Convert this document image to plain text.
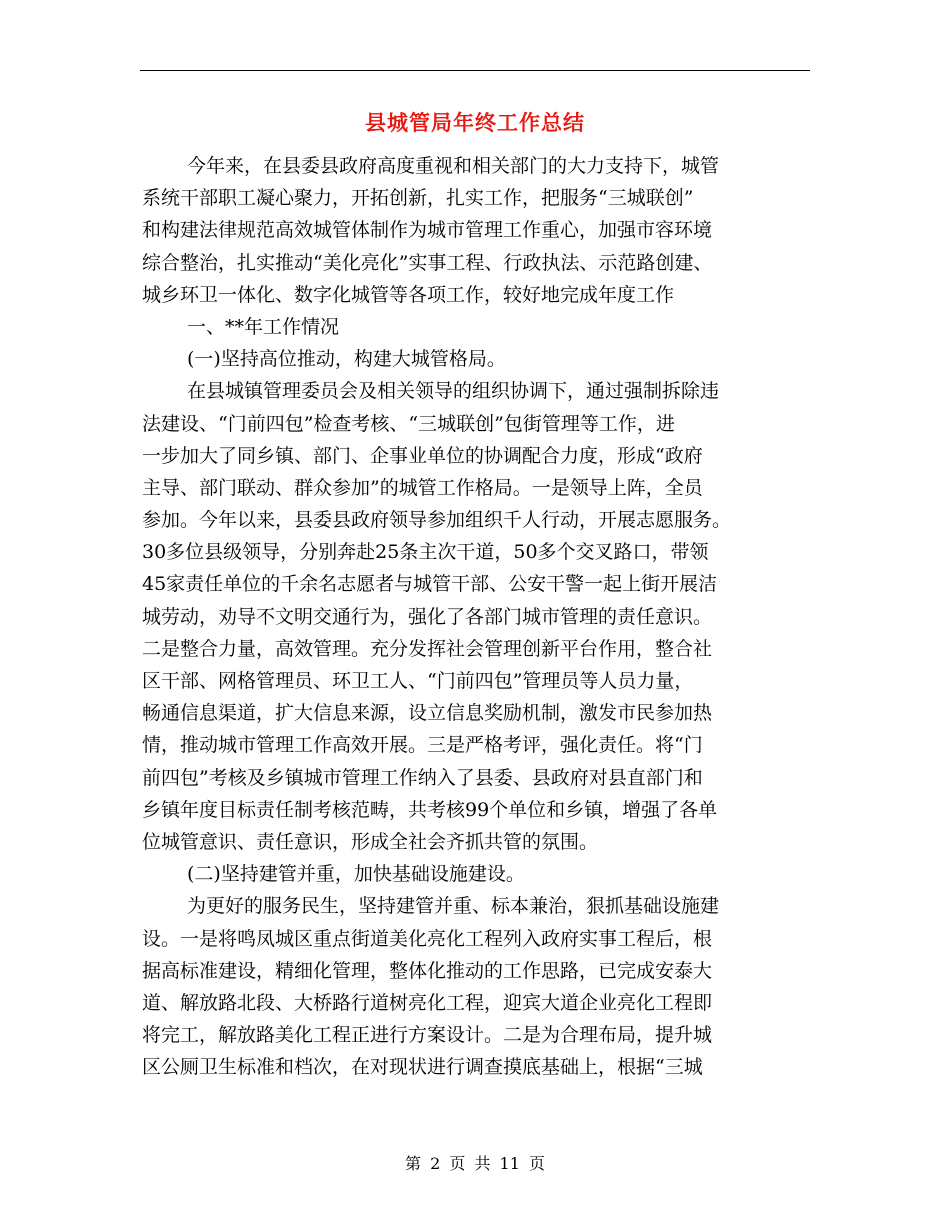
县城管局年终工作总结
今年来，在县委县政府高度重视和相关部门的大力支持下，城管
系统干部职工凝心聚力，开拓创新，扎实工作，把服务“三城联创”
和构建法律规范高效城管体制作为城市管理工作重心，加强市容环境
综合整治，扎实推动“美化亮化”实事工程、行政执法、示范路创建、
城乡环卫一体化、数字化城管等各项工作，较好地完成年度工作
一、**年工作情况
(一)坚持高位推动，构建大城管格局。
在县城镇管理委员会及相关领导的组织协调下，通过强制拆除违
法建设、“门前四包”检查考核、“三城联创”包街管理等工作，进
一步加大了同乡镇、部门、企事业单位的协调配合力度，形成“政府
主导、部门联动、群众参加”的城管工作格局。一是领导上阵，全员
参加。今年以来，县委县政府领导参加组织千人行动，开展志愿服务。
30多位县级领导，分别奔赴25条主次干道，50多个交叉路口，带领
45家责任单位的千余名志愿者与城管干部、公安干警一起上街开展洁
城劳动，劝导不文明交通行为，强化了各部门城市管理的责任意识。
二是整合力量，高效管理。充分发挥社会管理创新平台作用，整合社
区干部、网格管理员、环卫工人、“门前四包”管理员等人员力量，
畅通信息渠道，扩大信息来源，设立信息奖励机制，激发市民参加热
情，推动城市管理工作高效开展。三是严格考评，强化责任。将“门
前四包”考核及乡镇城市管理工作纳入了县委、县政府对县直部门和
乡镇年度目标责任制考核范畴，共考核99个单位和乡镇，增强了各单
位城管意识、责任意识，形成全社会齐抓共管的氛围。
(二)坚持建管并重，加快基础设施建设。
为更好的服务民生，坚持建管并重、标本兼治，狠抓基础设施建
设。一是将鸣凤城区重点街道美化亮化工程列入政府实事工程后，根
据高标准建设，精细化管理，整体化推动的工作思路，已完成安泰大
道、解放路北段、大桥路行道树亮化工程，迎宾大道企业亮化工程即
将完工，解放路美化工程正进行方案设计。二是为合理布局，提升城
区公厕卫生标准和档次，在对现状进行调查摸底基础上，根据“三城
第 2 页 共 11 页
